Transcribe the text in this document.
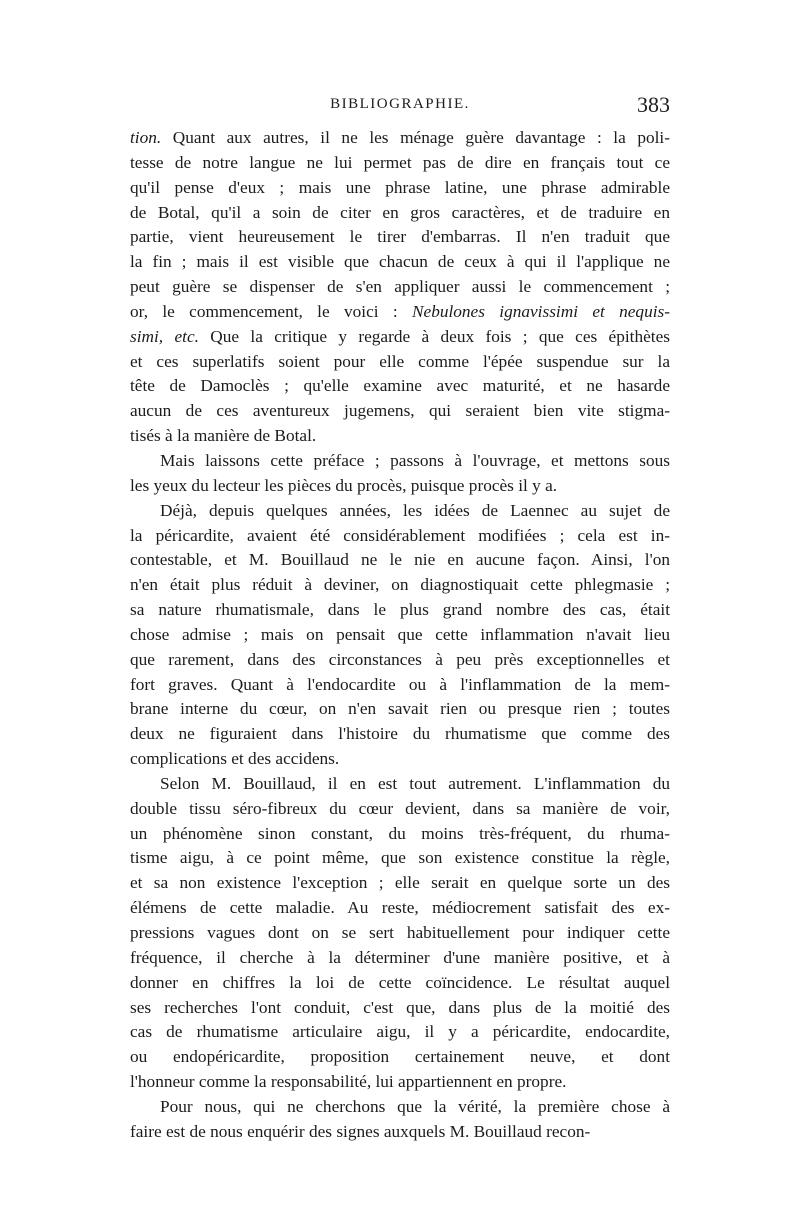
BIBLIOGRAPHIE.	383
tion. Quant aux autres, il ne les ménage guère davantage : la poli-
tesse de notre langue ne lui permet pas de dire en français tout ce
qu'il pense d'eux ; mais une phrase latine, une phrase admirable
de Botal, qu'il a soin de citer en gros caractères, et de traduire en
partie, vient heureusement le tirer d'embarras. Il n'en traduit que
la fin ; mais il est visible que chacun de ceux à qui il l'applique ne
peut guère se dispenser de s'en appliquer aussi le commencement ;
or, le commencement, le voici : Nebulones ignavissimi et nequis-
simi, etc. Que la critique y regarde à deux fois ; que ces épithètes
et ces superlatifs soient pour elle comme l'épée suspendue sur la
tête de Damoclès ; qu'elle examine avec maturité, et ne hasarde
aucun de ces aventureux jugemens, qui seraient bien vite stigma-
tisés à la manière de Botal.
Mais laissons cette préface ; passons à l'ouvrage, et mettons sous
les yeux du lecteur les pièces du procès, puisque procès il y a.
Déjà, depuis quelques années, les idées de Laennec au sujet de
la péricardite, avaient été considérablement modifiées ; cela est in-
contestable, et M. Bouillaud ne le nie en aucune façon. Ainsi, l'on
n'en était plus réduit à deviner, on diagnostiquait cette phlegmasie ;
sa nature rhumatismale, dans le plus grand nombre des cas, était
chose admise ; mais on pensait que cette inflammation n'avait lieu
que rarement, dans des circonstances à peu près exceptionnelles et
fort graves. Quant à l'endocardite ou à l'inflammation de la mem-
brane interne du cœur, on n'en savait rien ou presque rien ; toutes
deux ne figuraient dans l'histoire du rhumatisme que comme des
complications et des accidens.
Selon M. Bouillaud, il en est tout autrement. L'inflammation du
double tissu séro-fibreux du cœur devient, dans sa manière de voir,
un phénomène sinon constant, du moins très-fréquent, du rhuma-
tisme aigu, à ce point même, que son existence constitue la règle,
et sa non existence l'exception ; elle serait en quelque sorte un des
élémens de cette maladie. Au reste, médiocrement satisfait des ex-
pressions vagues dont on se sert habituellement pour indiquer cette
fréquence, il cherche à la déterminer d'une manière positive, et à
donner en chiffres la loi de cette coïncidence. Le résultat auquel
ses recherches l'ont conduit, c'est que, dans plus de la moitié des
cas de rhumatisme articulaire aigu, il y a péricardite, endocardite,
ou endopéricardite, proposition certainement neuve, et dont
l'honneur comme la responsabilité, lui appartiennent en propre.
Pour nous, qui ne cherchons que la vérité, la première chose à
faire est de nous enquérir des signes auxquels M. Bouillaud recon-
